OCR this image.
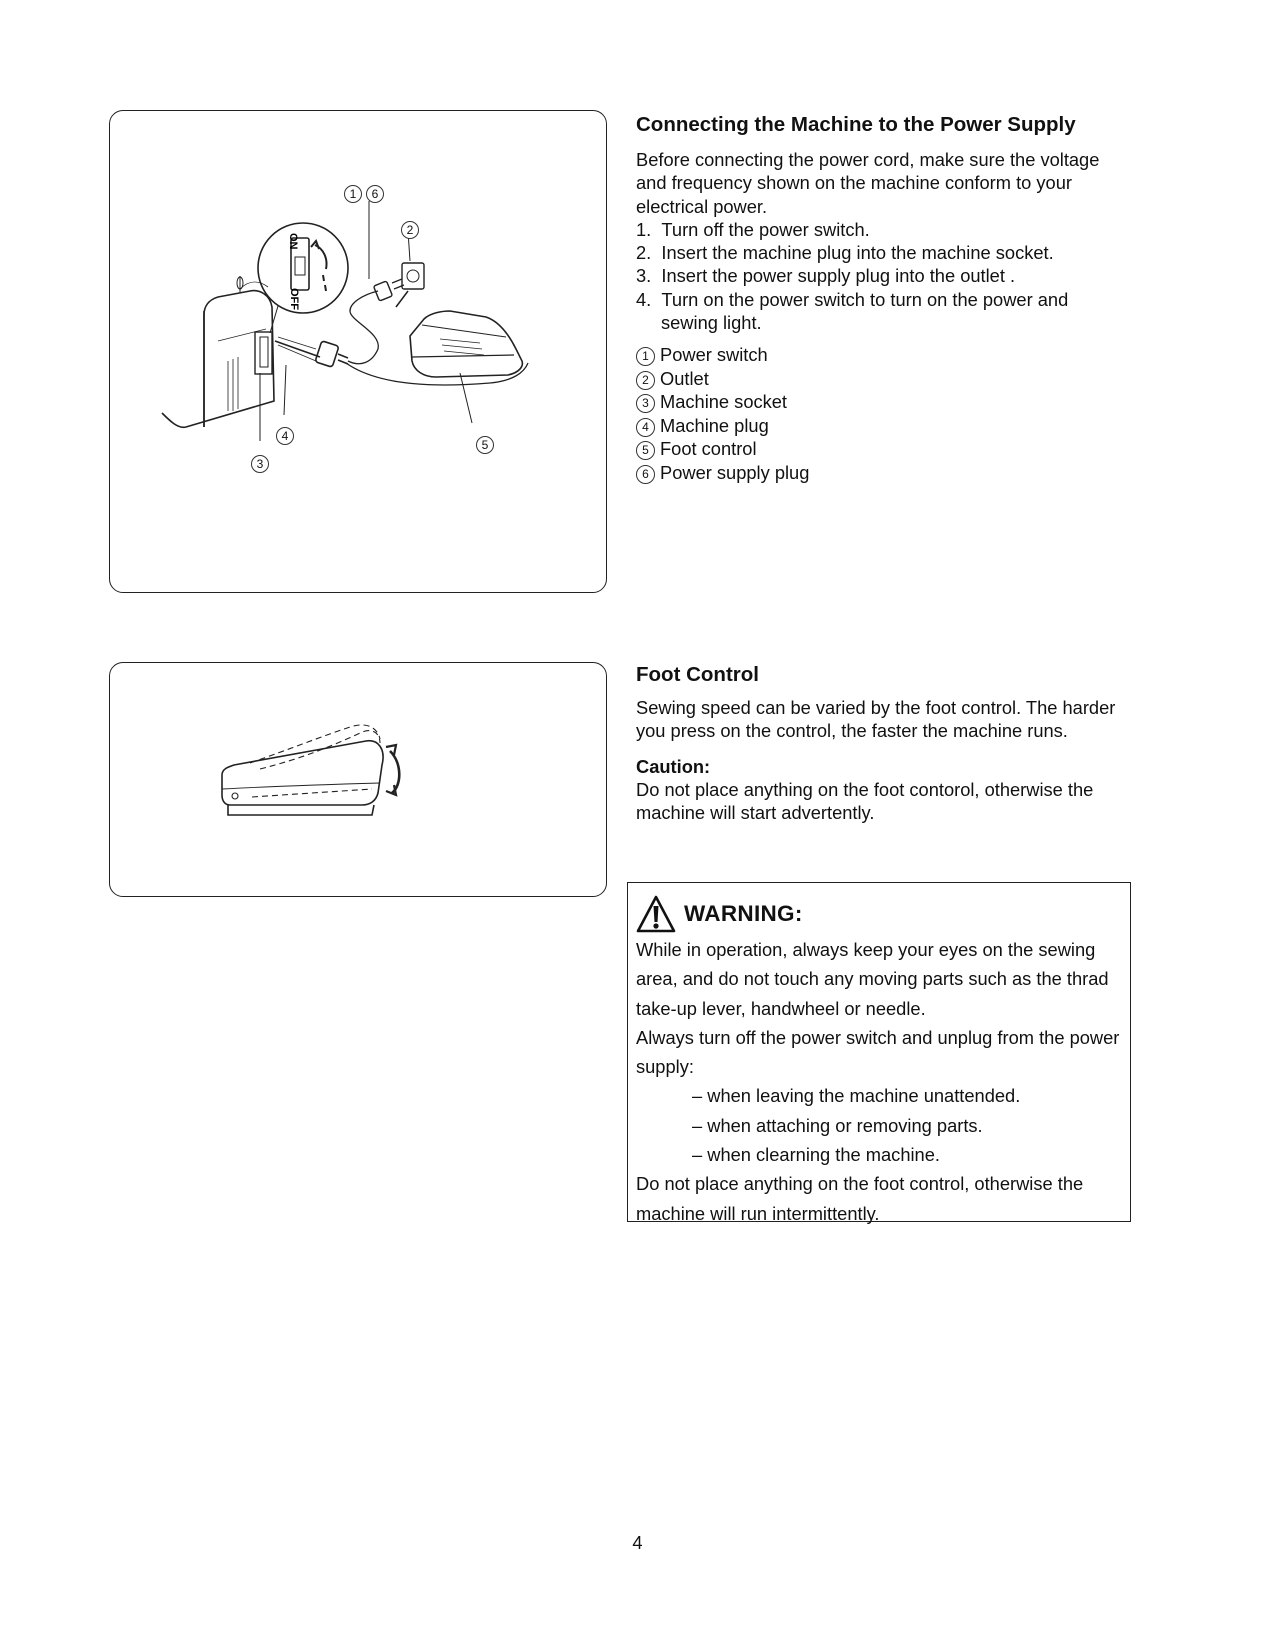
ON
OFF
1	6
2
4
3
5
Connecting the Machine to the Power Supply

Before connecting the power cord, make sure the voltage and frequency shown on the machine conform to your electrical power.

1. Turn off the power switch.
2. Insert the machine plug into the machine socket.
3. Insert the power supply plug into the outlet .
4. Turn on the power switch to turn on the power and sewing light.
1 Power switch
2 Outlet
3 Machine socket
4 Machine plug
5 Foot control
6 Power supply plug
Foot Control

Sewing speed can be varied by the foot control. The harder you press on the control, the faster the machine runs.

Caution:

Do not place anything on the foot contorol, otherwise the machine will start advertently.

WARNING:

While in operation, always keep your eyes on the sewing area, and do not touch any moving parts such as the thrad take-up lever, handwheel or needle.

Always turn off the power switch and unplug from the power supply:

– when leaving the machine unattended.

– when attaching or removing parts.

– when clearning the machine.

Do not place anything on the foot control, otherwise the machine will run intermittently.

4
